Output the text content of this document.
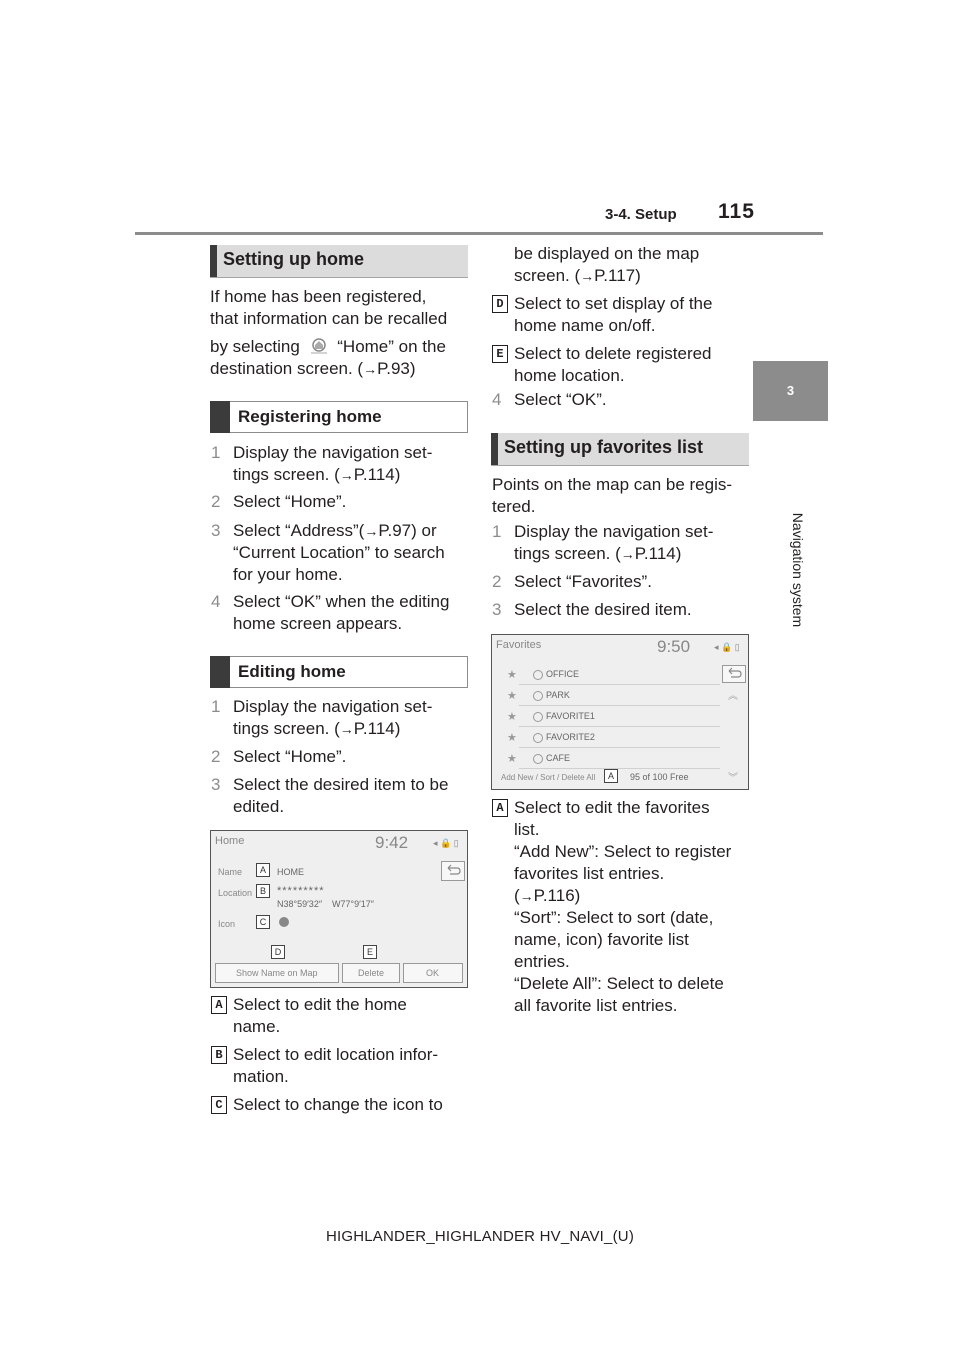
3-4. Setup 115
3
Navigation system
Setting up home
If home has been registered,
that information can be recalled
by selecting “Home” on the
destination screen. (→P.93)
Registering home
1 Display the navigation set-
tings screen. (→P.114)
2 Select “Home”.
3 Select “Address”(→P.97) or
“Current Location” to search
for your home.
4 Select “OK” when the editing
home screen appears.
Editing home
1 Display the navigation set-
tings screen. (→P.114)
2 Select “Home”.
3 Select the desired item to be
edited.
Home	9:42	◂ 🔒 ▯
Name	A	HOME
Location B	*********
N38°59′32″ W77°9′17″
Icon	C
D	E
Show Name on Map	Delete	OK
A Select to edit the home
name.
B Select to edit location infor-
mation.
C Select to change the icon to
be displayed on the map
screen. (→P.117)
D Select to set display of the
home name on/off.
E Select to delete registered
home location.
4 Select “OK”.
Setting up favorites list
Points on the map can be regis-
tered.
1 Display the navigation set-
tings screen. (→P.114)
2 Select “Favorites”.
3 Select the desired item.
Favorites	9:50	◂ 🔒 ▯
︽
︾
★	OFFICE
★	PARK
★	FAVORITE1
★	FAVORITE2
★	CAFE
Add New / Sort / Delete All	A	95 of 100 Free
A Select to edit the favorites
list.
“Add New”: Select to register
favorites list entries.
(→P.116)
“Sort”: Select to sort (date,
name, icon) favorite list
entries.
“Delete All”: Select to delete
all favorite list entries.
HIGHLANDER_HIGHLANDER HV_NAVI_(U)
